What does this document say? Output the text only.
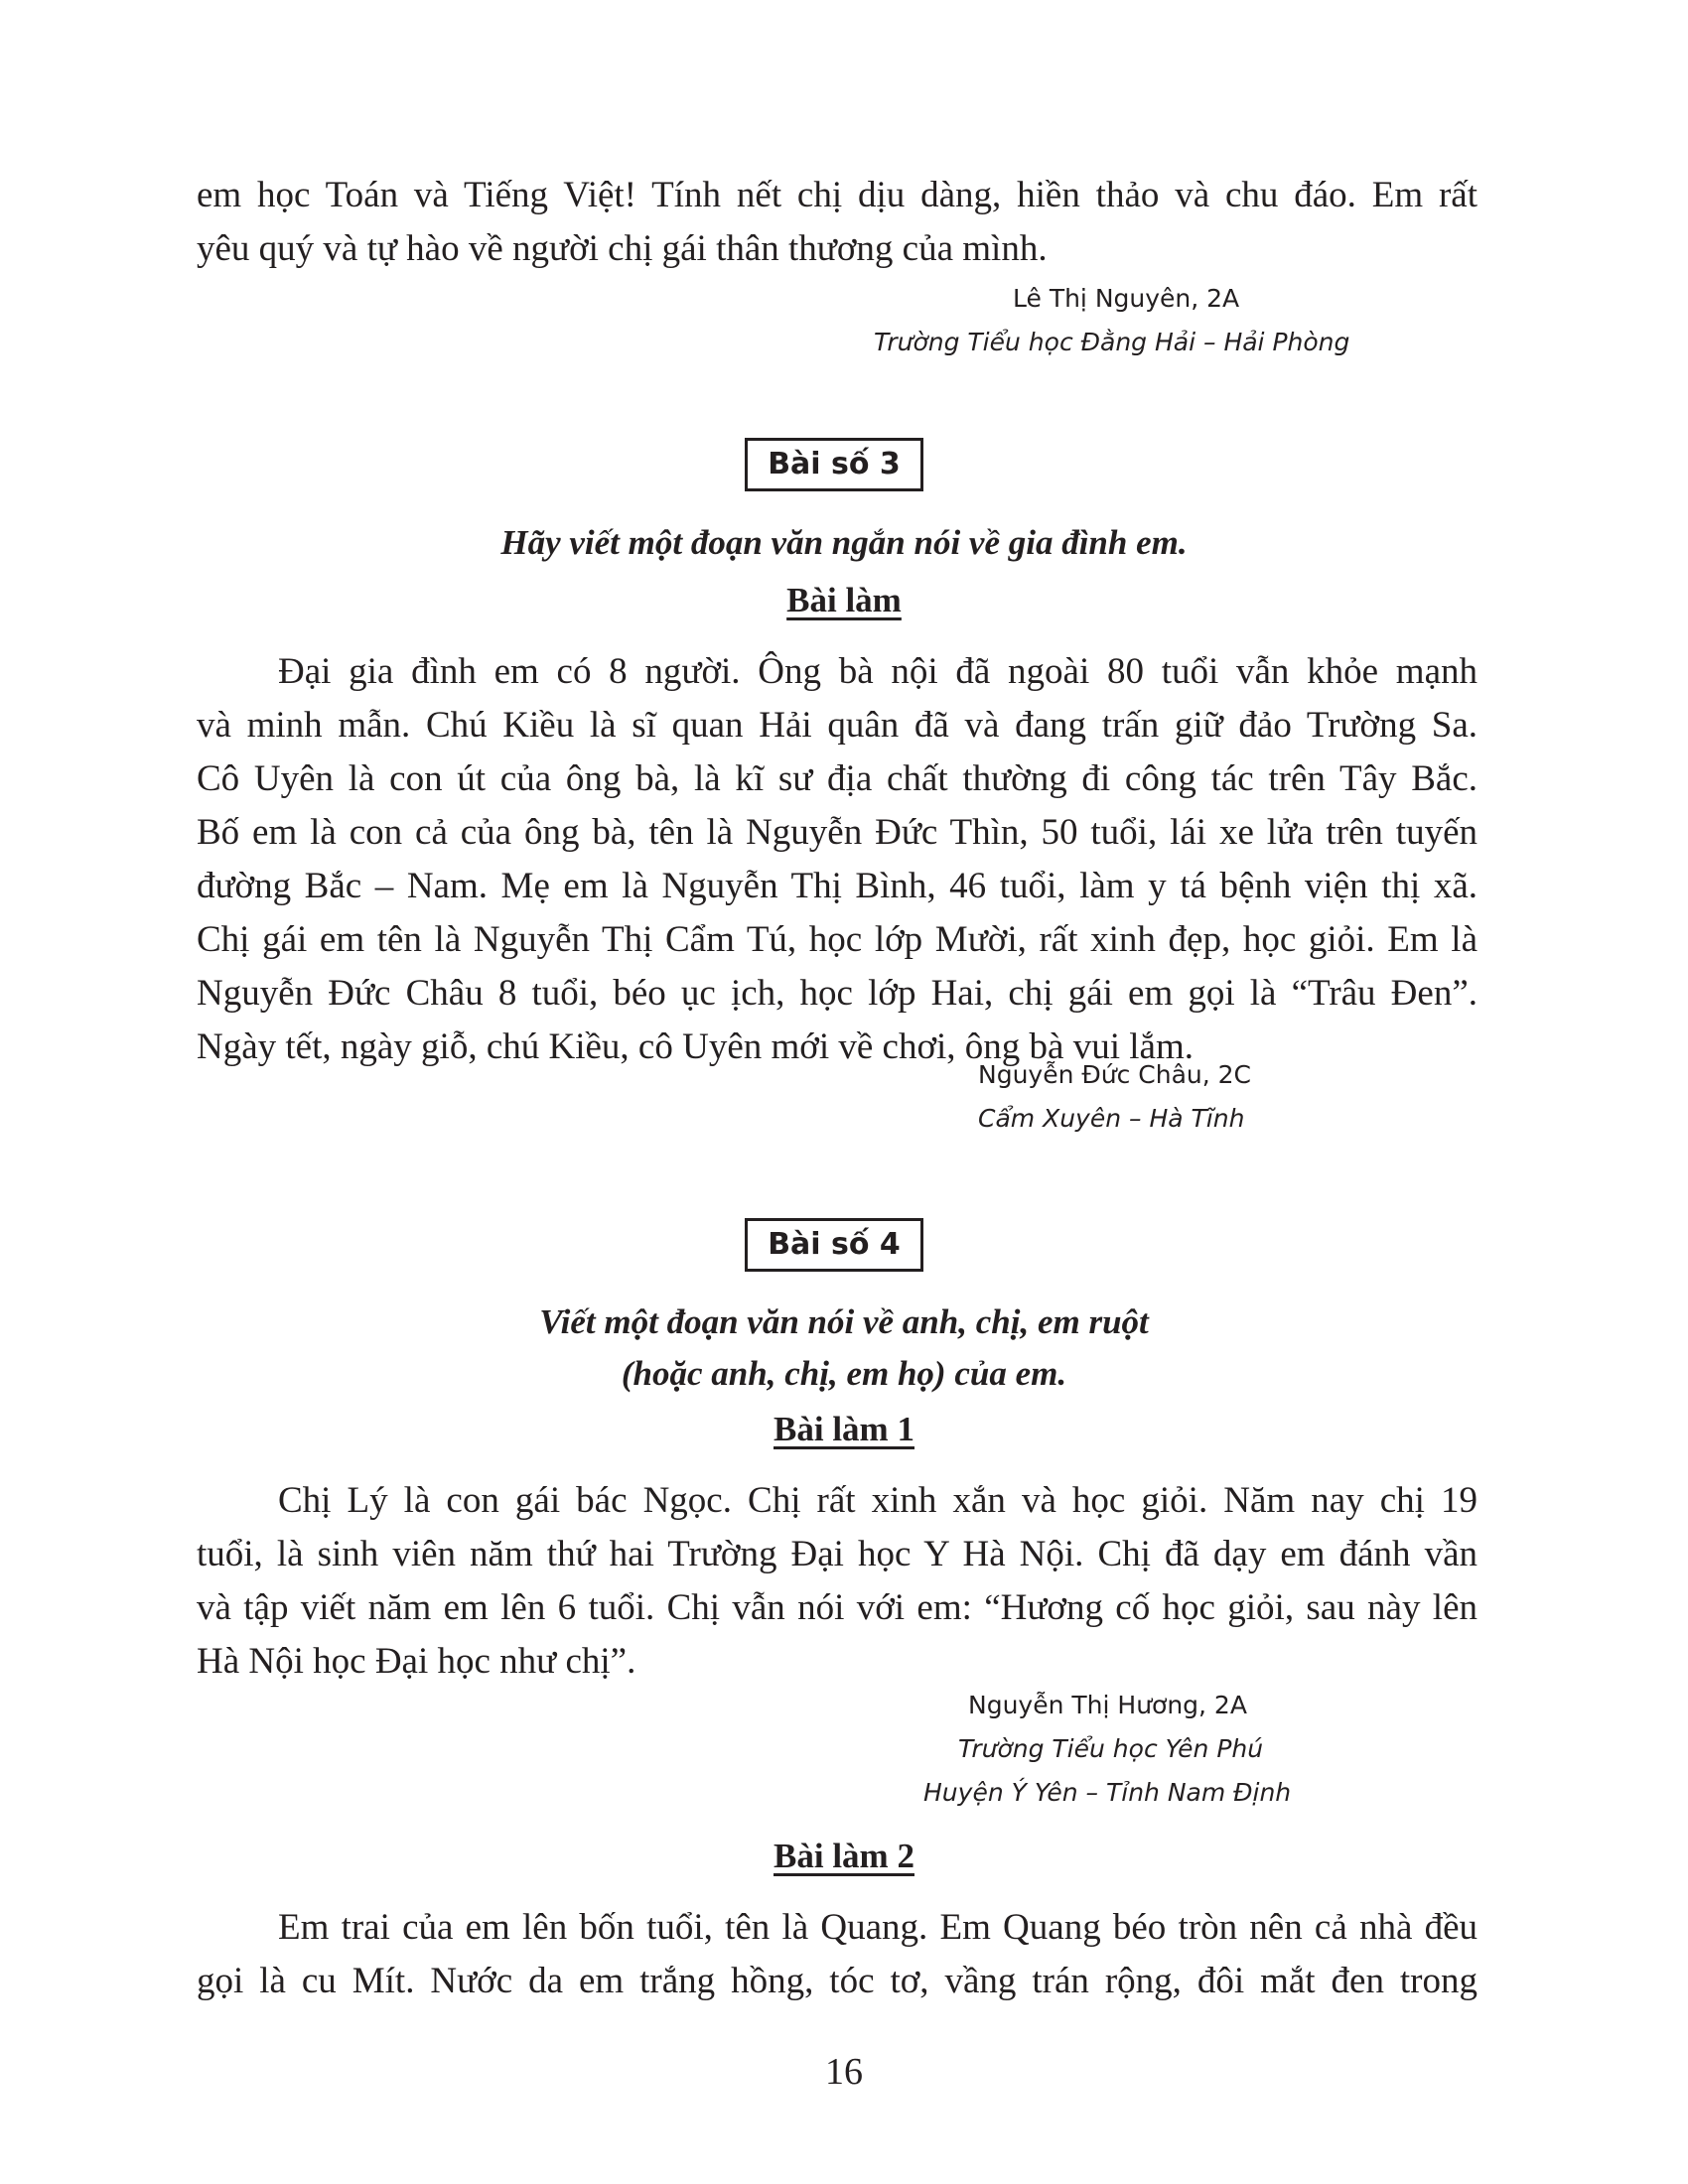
em học Toán và Tiếng Việt! Tính nết chị dịu dàng, hiền thảo và chu đáo. Em rất
yêu quý và tự hào về người chị gái thân thương của mình.
Lê Thị Nguyên, 2A
Trường Tiểu học Đằng Hải – Hải Phòng
Bài số 3
Hãy viết một đoạn văn ngắn nói về gia đình em.
Bài làm
Đại gia đình em có 8 người. Ông bà nội đã ngoài 80 tuổi vẫn khỏe mạnh
và minh mẫn. Chú Kiều là sĩ quan Hải quân đã và đang trấn giữ đảo Trường Sa.
Cô Uyên là con út của ông bà, là kĩ sư địa chất thường đi công tác trên Tây Bắc.
Bố em là con cả của ông bà, tên là Nguyễn Đức Thìn, 50 tuổi, lái xe lửa trên tuyến
đường Bắc – Nam. Mẹ em là Nguyễn Thị Bình, 46 tuổi, làm y tá bệnh viện thị xã.
Chị gái em tên là Nguyễn Thị Cẩm Tú, học lớp Mười, rất xinh đẹp, học giỏi. Em là
Nguyễn Đức Châu 8 tuổi, béo ục ịch, học lớp Hai, chị gái em gọi là “Trâu Đen”.
Ngày tết, ngày giỗ, chú Kiều, cô Uyên mới về chơi, ông bà vui lắm.
Nguyễn Đức Châu, 2C
Cẩm Xuyên – Hà Tĩnh
Bài số 4
Viết một đoạn văn nói về anh, chị, em ruột
(hoặc anh, chị, em họ) của em.
Bài làm 1
Chị Lý là con gái bác Ngọc. Chị rất xinh xắn và học giỏi. Năm nay chị 19
tuổi, là sinh viên năm thứ hai Trường Đại học Y Hà Nội. Chị đã dạy em đánh vần
và tập viết năm em lên 6 tuổi. Chị vẫn nói với em: “Hương cố học giỏi, sau này lên
Hà Nội học Đại học như chị”.
Nguyễn Thị Hương, 2A
Trường Tiểu học Yên Phú
Huyện Ý Yên – Tỉnh Nam Định
Bài làm 2
Em trai của em lên bốn tuổi, tên là Quang. Em Quang béo tròn nên cả nhà đều
gọi là cu Mít. Nước da em trắng hồng, tóc tơ, vầng trán rộng, đôi mắt đen trong
16
